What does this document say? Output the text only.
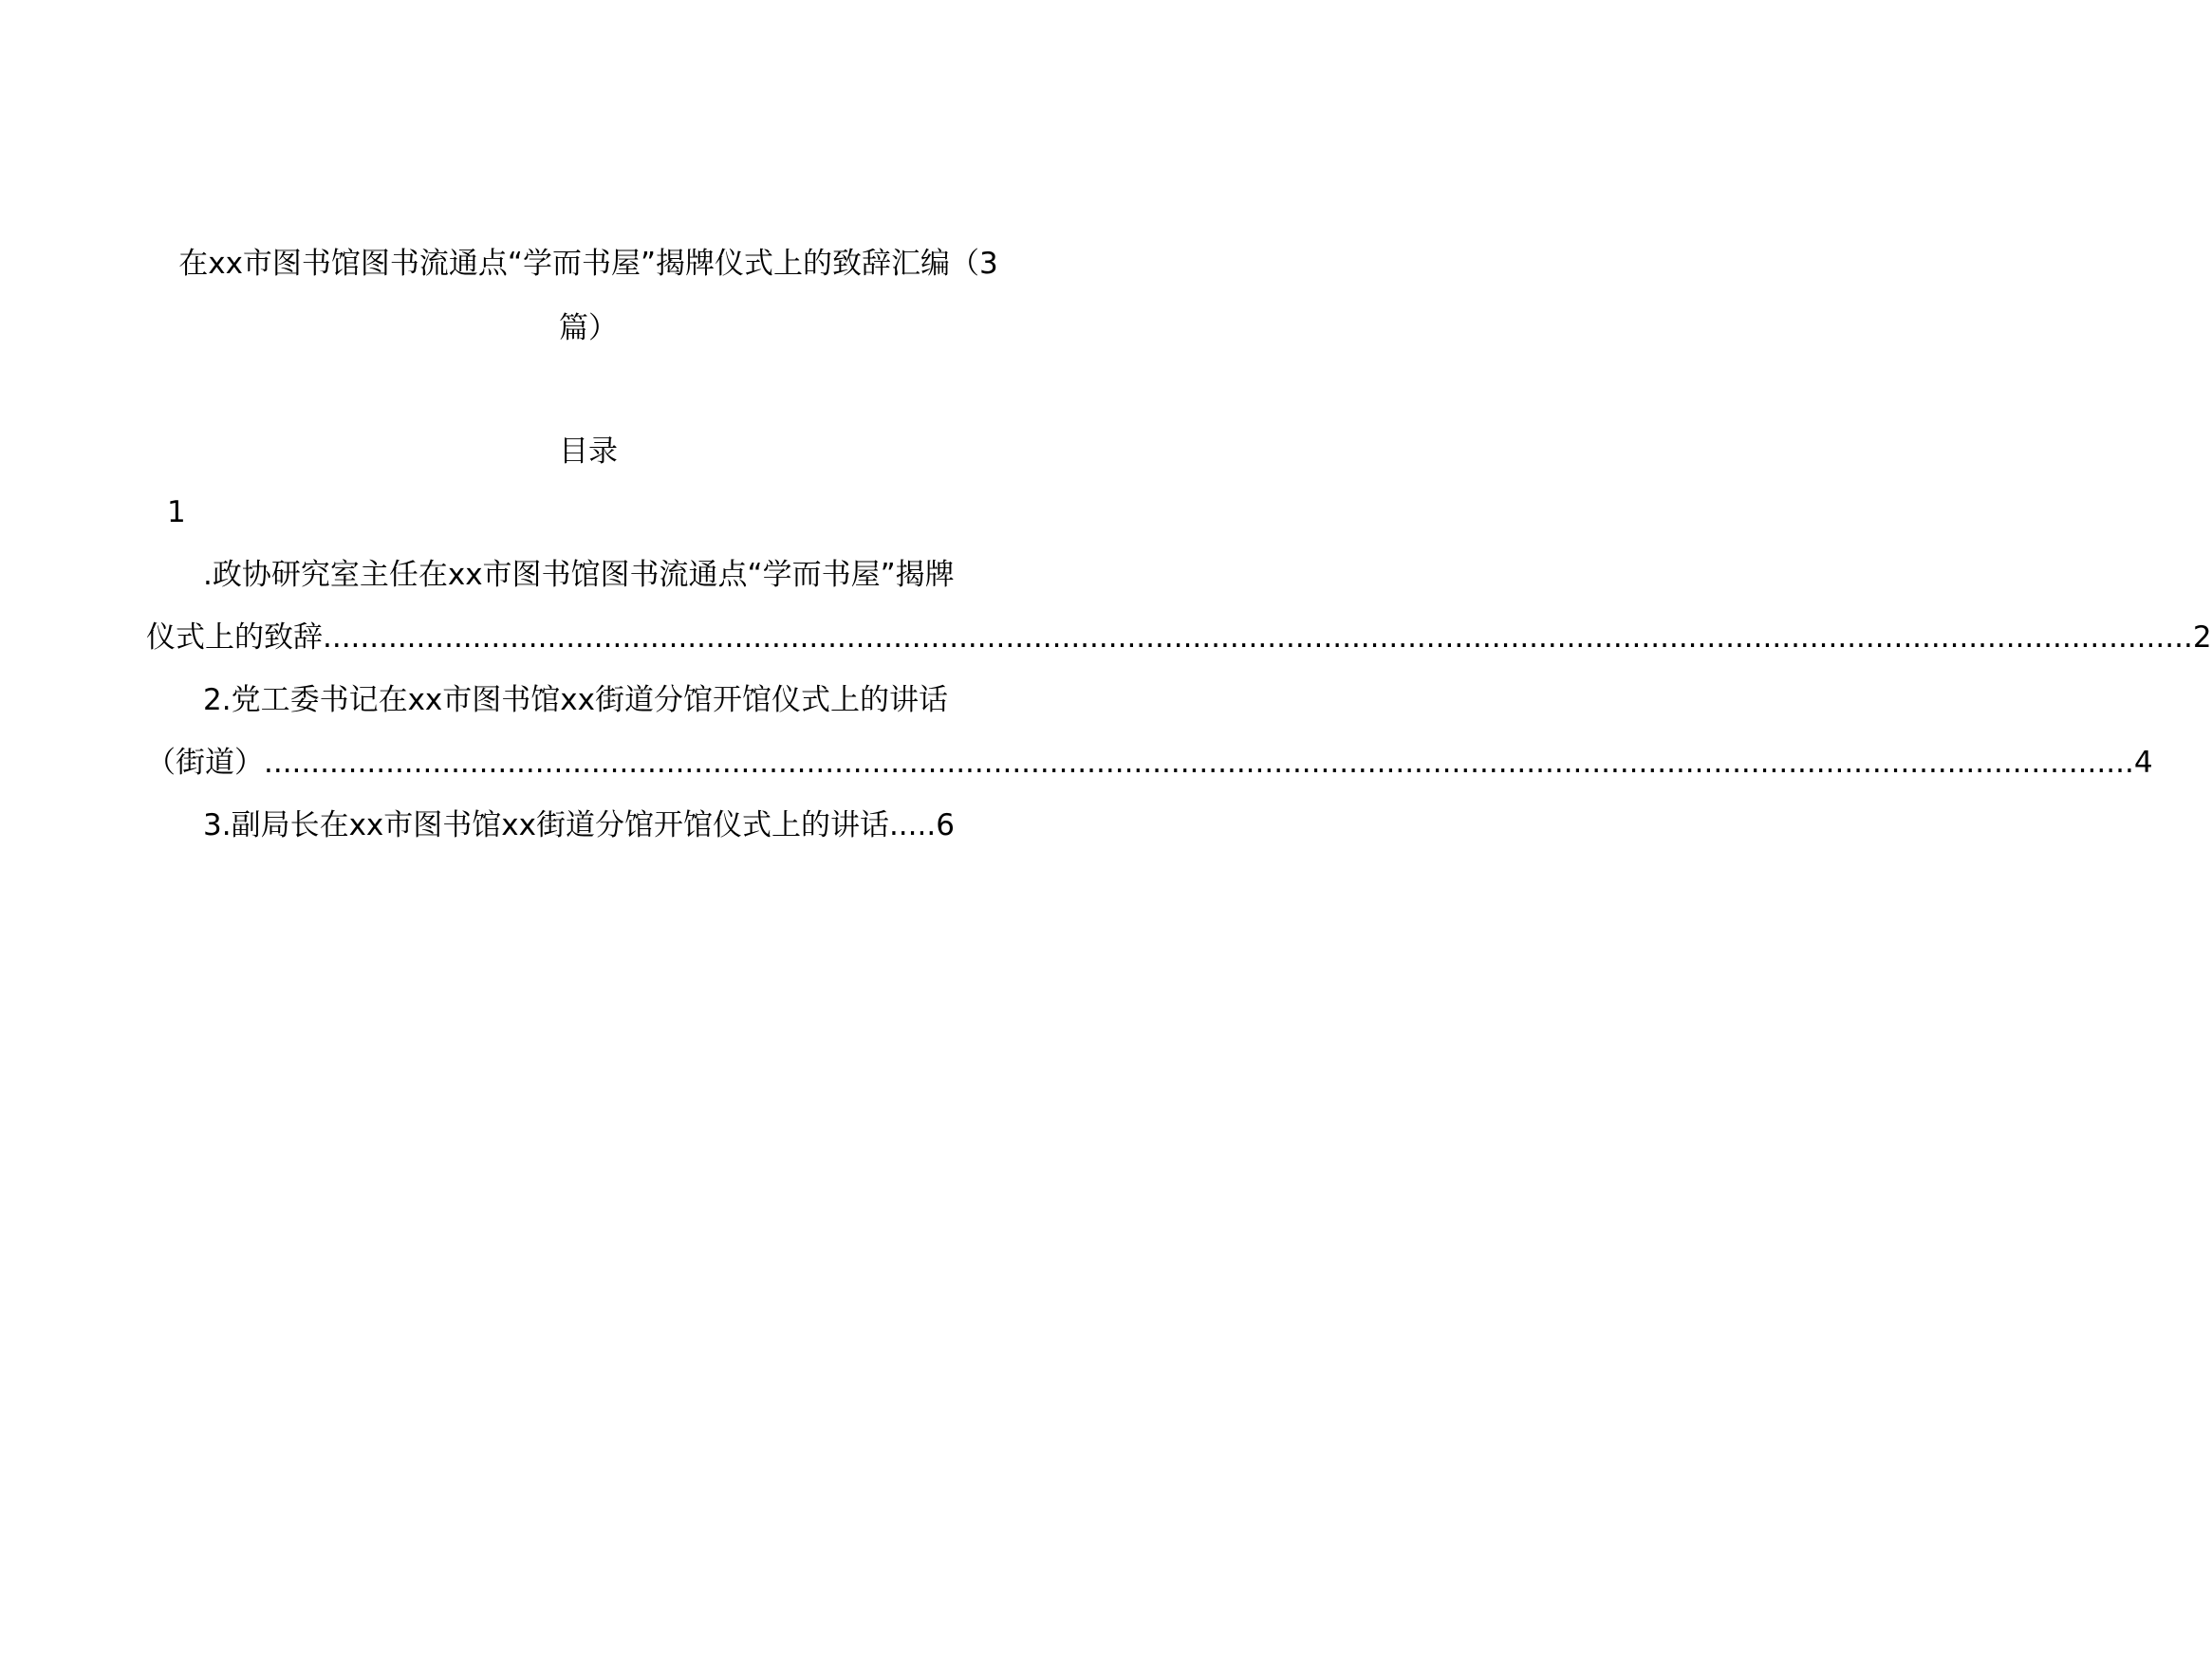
在xx市图书馆图书流通点“学而书屋”揭牌仪式上的致辞汇编（3
篇）
目录
1
.政协研究室主任在xx市图书馆图书流通点“学而书屋”揭牌
仪式上的致辞 ........................................................................................................................................................................................................ 2
2.党工委书记在xx市图书馆xx街道分馆开馆仪式上的讲话
（街道） ........................................................................................................................................................................................................ 4
3.副局长在xx市图书馆xx街道分馆开馆仪式上的讲话.....6
